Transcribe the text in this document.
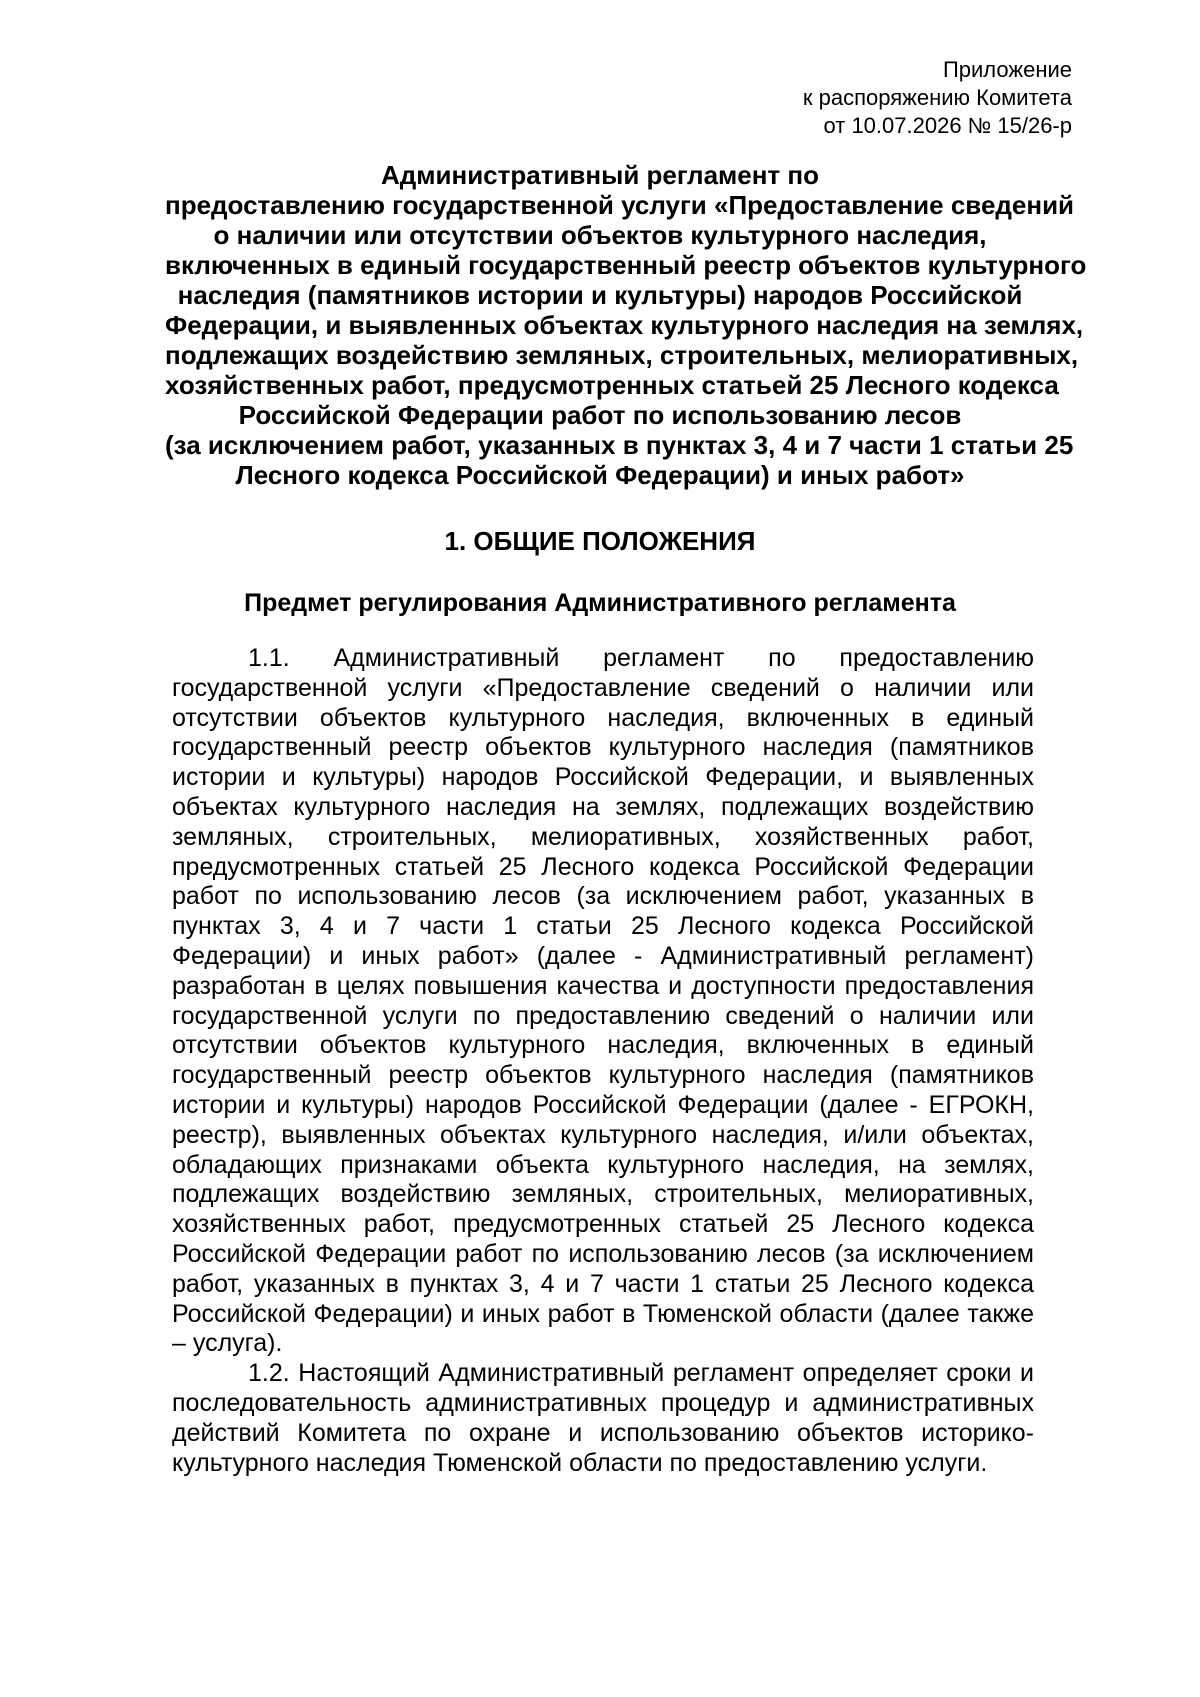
Приложение
к распоряжению Комитета
от 10.07.2026 № 15/26-р
Административный регламент по
предоставлению государственной услуги «Предоставление сведений
о наличии или отсутствии объектов культурного наследия,
включенных в единый государственный реестр объектов культурного
наследия (памятников истории и культуры) народов Российской
Федерации, и выявленных объектах культурного наследия на землях,
подлежащих воздействию земляных, строительных, мелиоративных,
хозяйственных работ, предусмотренных статьей 25 Лесного кодекса
Российской Федерации работ по использованию лесов
(за исключением работ, указанных в пунктах 3, 4 и 7 части 1 статьи 25
Лесного кодекса Российской Федерации) и иных работ»
1. ОБЩИЕ ПОЛОЖЕНИЯ
Предмет регулирования Административного регламента

1.1. Административный регламент по предоставлению государственной услуги «Предоставление сведений о наличии или отсутствии объектов культурного наследия, включенных в единый государственный реестр объектов культурного наследия (памятников истории и культуры) народов Российской Федерации, и выявленных объектах культурного наследия на землях, подлежащих воздействию земляных, строительных, мелиоративных, хозяйственных работ, предусмотренных статьей 25 Лесного кодекса Российской Федерации работ по использованию лесов (за исключением работ, указанных в пунктах 3, 4 и 7 части 1 статьи 25 Лесного кодекса Российской Федерации) и иных работ» (далее - Административный регламент) разработан в целях повышения качества и доступности предоставления государственной услуги по предоставлению сведений о наличии или отсутствии объектов культурного наследия, включенных в единый государственный реестр объектов культурного наследия (памятников истории и культуры) народов Российской Федерации (далее - ЕГРОКН, реестр), выявленных объектах культурного наследия, и/или объектах, обладающих признаками объекта культурного наследия, на землях, подлежащих воздействию земляных, строительных, мелиоративных, хозяйственных работ, предусмотренных статьей 25 Лесного кодекса Российской Федерации работ по использованию лесов (за исключением работ, указанных в пунктах 3, 4 и 7 части 1 статьи 25 Лесного кодекса Российской Федерации) и иных работ в Тюменской области (далее также – услуга).

1.2. Настоящий Административный регламент определяет сроки и последовательность административных процедур и административных действий Комитета по охране и использованию объектов историко-культурного наследия Тюменской области по предоставлению услуги.
